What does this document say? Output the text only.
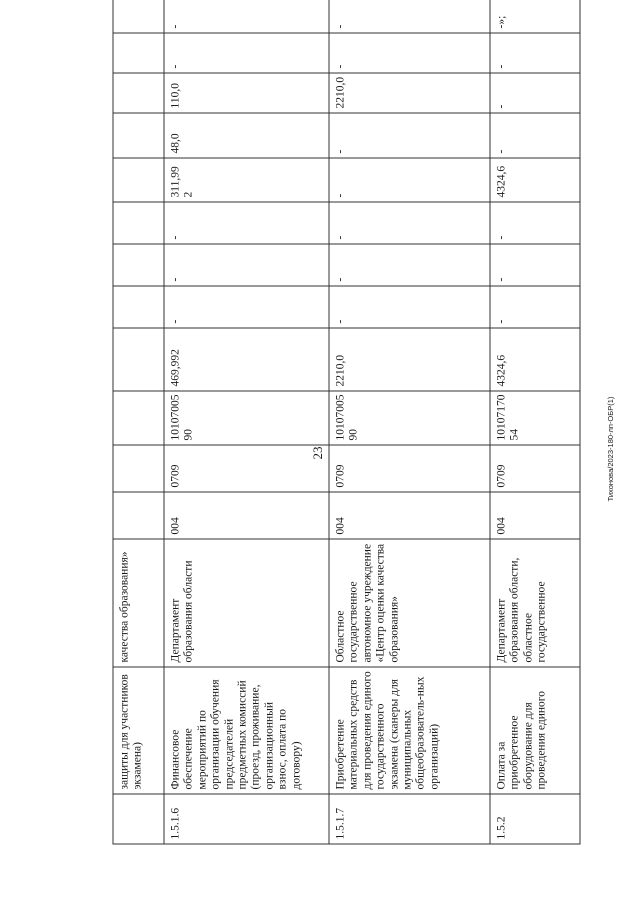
23	Тихонова/2023-180-лп-ОБР(1)
	защиты для участников экзамена)	качества образования»												
1.5.1.6	Финансовое обеспечение мероприятий по организации обучения председателей предметных комиссий (проезд, проживание, организационный взнос, оплата по договору)	Департамент образования области	004	0709	1010700590	469,992	-	-	-	311,992	48,0	110,0	-	-
1.5.1.7	Приобретение материальных средств для проведения единого государственного экзамена (сканеры для муниципальных общеобразователь-ных организаций)	Областное государственное автономное учреждение «Центр оценки качества образования»	004	0709	1010700590	2210,0	-	-	-	-	-	2210,0	-	-
1.5.2	Оплата за приобретенное оборудование для проведения единого	Департамент образования области, областное государственное	004	0709	1010717054	4324,6	-	-	-	4324,6	-	-	-	-»;
